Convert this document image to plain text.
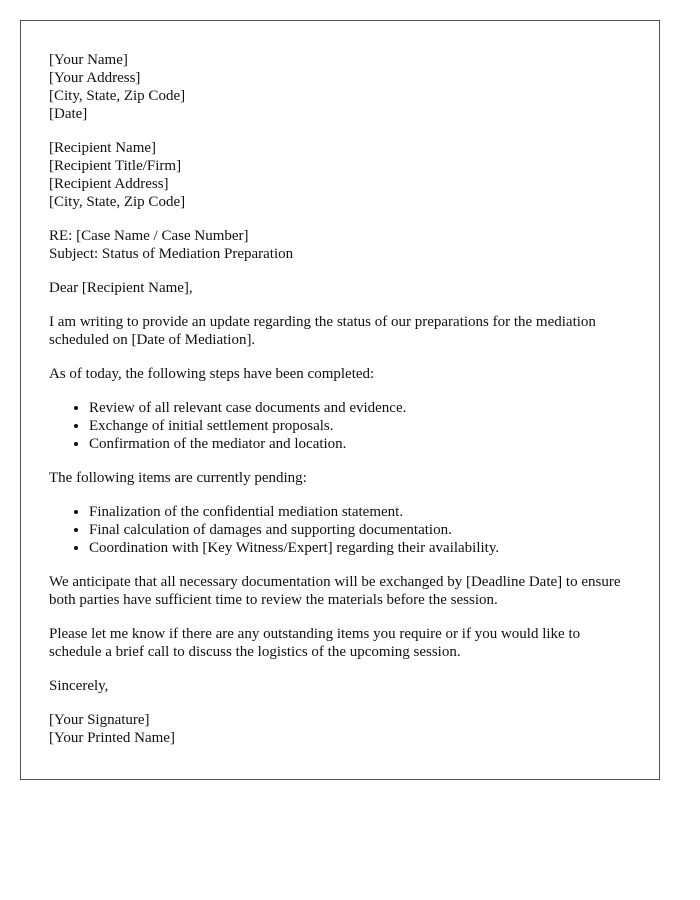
[Your Name]
[Your Address]
[City, State, Zip Code]
[Date]
[Recipient Name]
[Recipient Title/Firm]
[Recipient Address]
[City, State, Zip Code]
RE: [Case Name / Case Number]
Subject: Status of Mediation Preparation

Dear [Recipient Name],

I am writing to provide an update regarding the status of our preparations for the mediation scheduled on [Date of Mediation].

As of today, the following steps have been completed:

• Review of all relevant case documents and evidence.
• Exchange of initial settlement proposals.
• Confirmation of the mediator and location.

The following items are currently pending:

• Finalization of the confidential mediation statement.
• Final calculation of damages and supporting documentation.
• Coordination with [Key Witness/Expert] regarding their availability.

We anticipate that all necessary documentation will be exchanged by [Deadline Date] to ensure both parties have sufficient time to review the materials before the session.

Please let me know if there are any outstanding items you require or if you would like to schedule a brief call to discuss the logistics of the upcoming session.

Sincerely,

[Your Signature]
[Your Printed Name]
